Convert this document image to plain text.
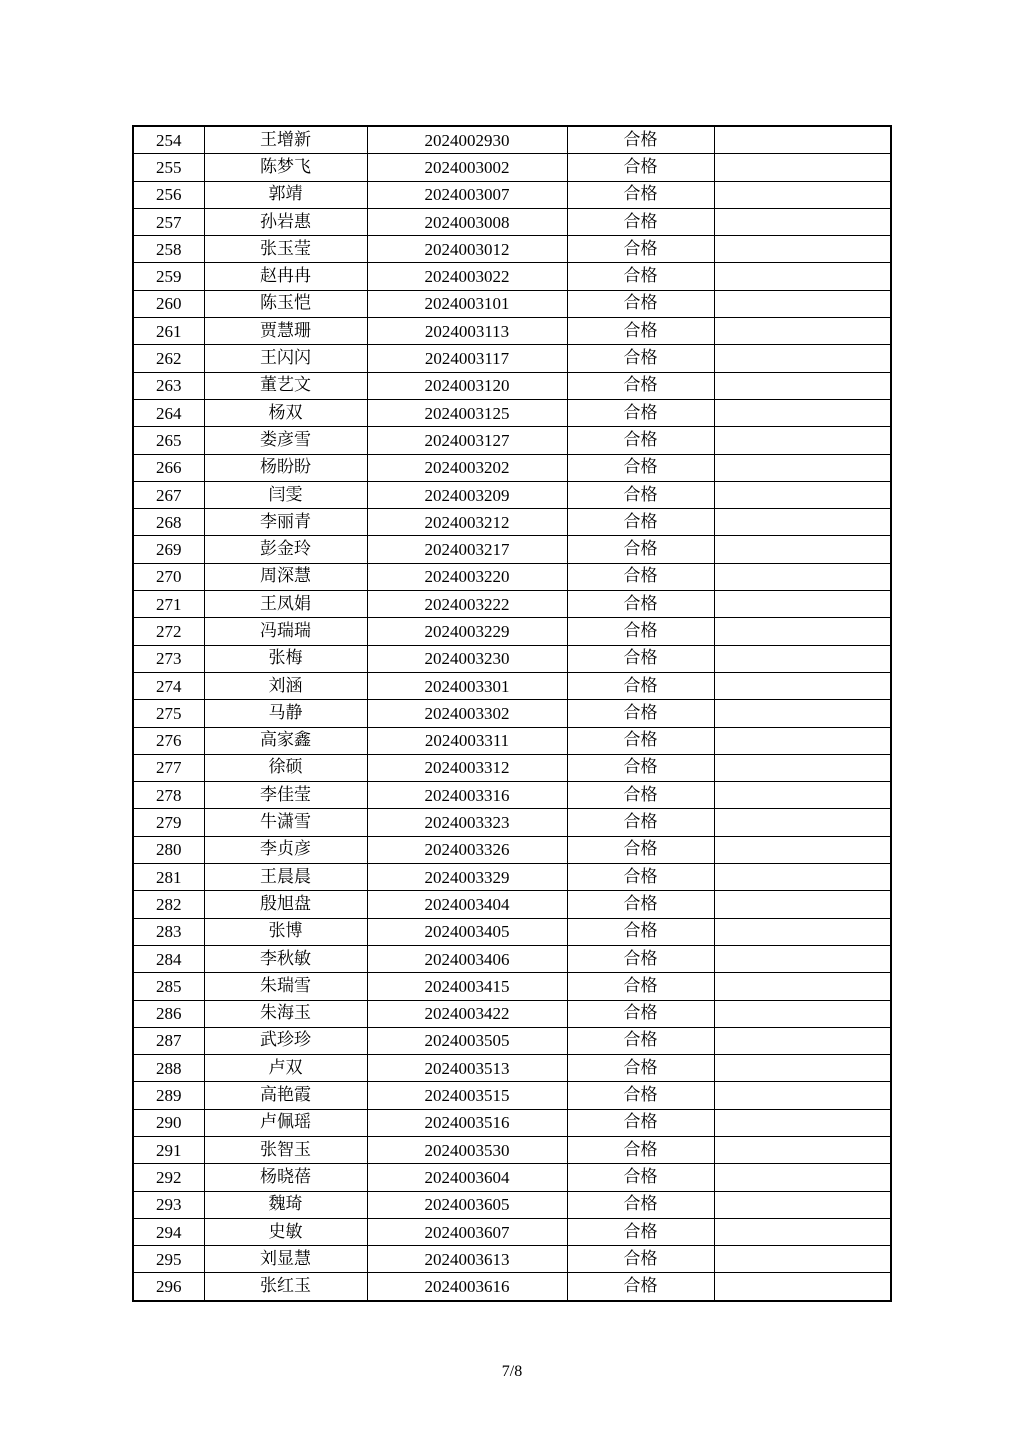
254	王增新	2024002930	合格	
255	陈梦飞	2024003002	合格	
256	郭靖	2024003007	合格	
257	孙岩惠	2024003008	合格	
258	张玉莹	2024003012	合格	
259	赵冉冉	2024003022	合格	
260	陈玉恺	2024003101	合格	
261	贾慧珊	2024003113	合格	
262	王闪闪	2024003117	合格	
263	董艺文	2024003120	合格	
264	杨双	2024003125	合格	
265	娄彦雪	2024003127	合格	
266	杨盼盼	2024003202	合格	
267	闫雯	2024003209	合格	
268	李丽青	2024003212	合格	
269	彭金玲	2024003217	合格	
270	周深慧	2024003220	合格	
271	王凤娟	2024003222	合格	
272	冯瑞瑞	2024003229	合格	
273	张梅	2024003230	合格	
274	刘涵	2024003301	合格	
275	马静	2024003302	合格	
276	高家鑫	2024003311	合格	
277	徐硕	2024003312	合格	
278	李佳莹	2024003316	合格	
279	牛潇雪	2024003323	合格	
280	李贞彦	2024003326	合格	
281	王晨晨	2024003329	合格	
282	殷旭盘	2024003404	合格	
283	张博	2024003405	合格	
284	李秋敏	2024003406	合格	
285	朱瑞雪	2024003415	合格	
286	朱海玉	2024003422	合格	
287	武珍珍	2024003505	合格	
288	卢双	2024003513	合格	
289	高艳霞	2024003515	合格	
290	卢佩瑶	2024003516	合格	
291	张智玉	2024003530	合格	
292	杨晓蓓	2024003604	合格	
293	魏琦	2024003605	合格	
294	史敏	2024003607	合格	
295	刘显慧	2024003613	合格	
296	张红玉	2024003616	合格	
7/8
